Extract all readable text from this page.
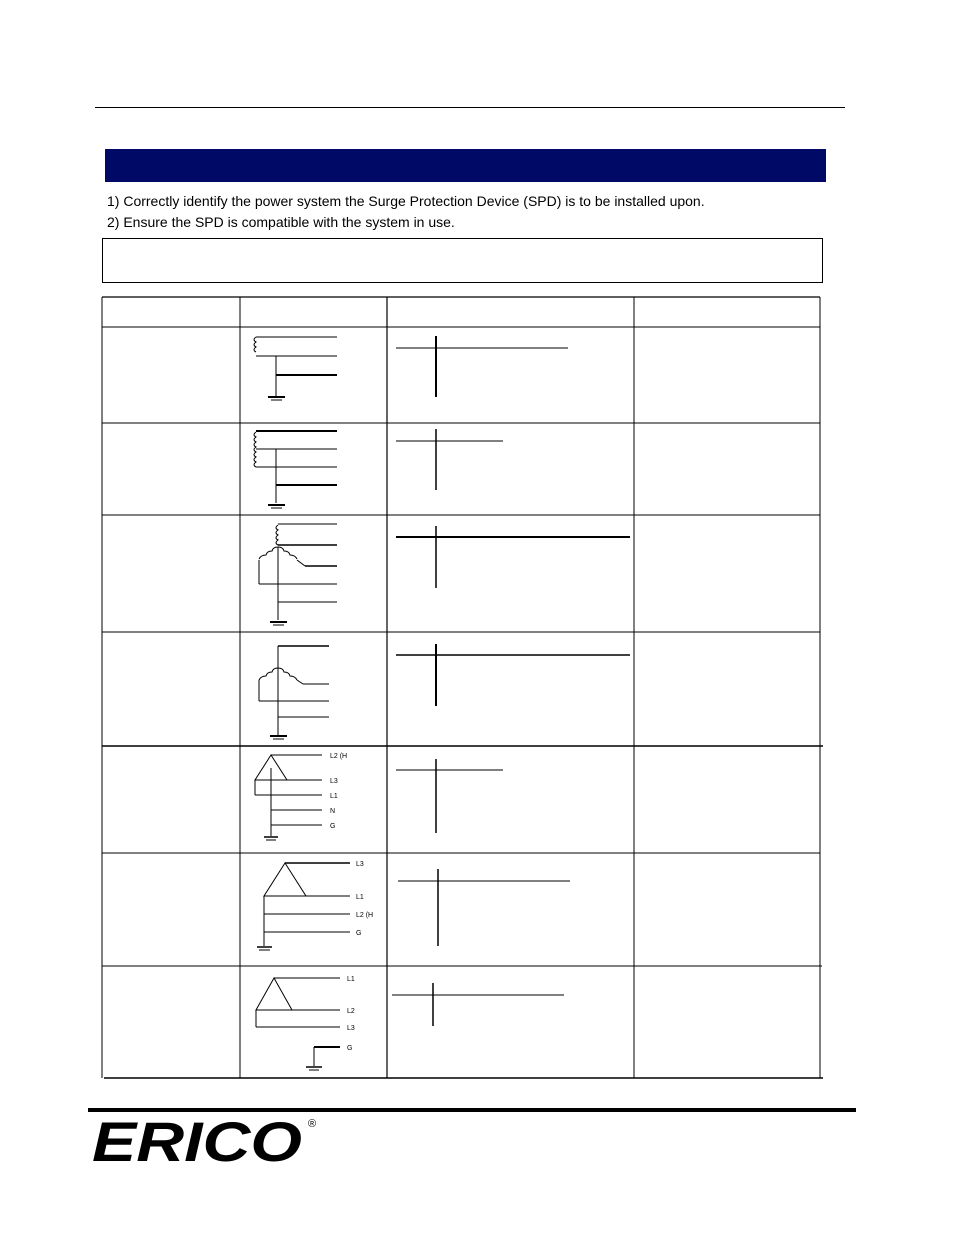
1) Correctly identify the power system the Surge Protection Device (SPD) is to be installed upon.
2) Ensure the SPD is compatible with the system in use.
L2 (H
L3
L1
N
G
L3
L1
L2 (H
G
L1
L2
L3
G
ERICO ®
